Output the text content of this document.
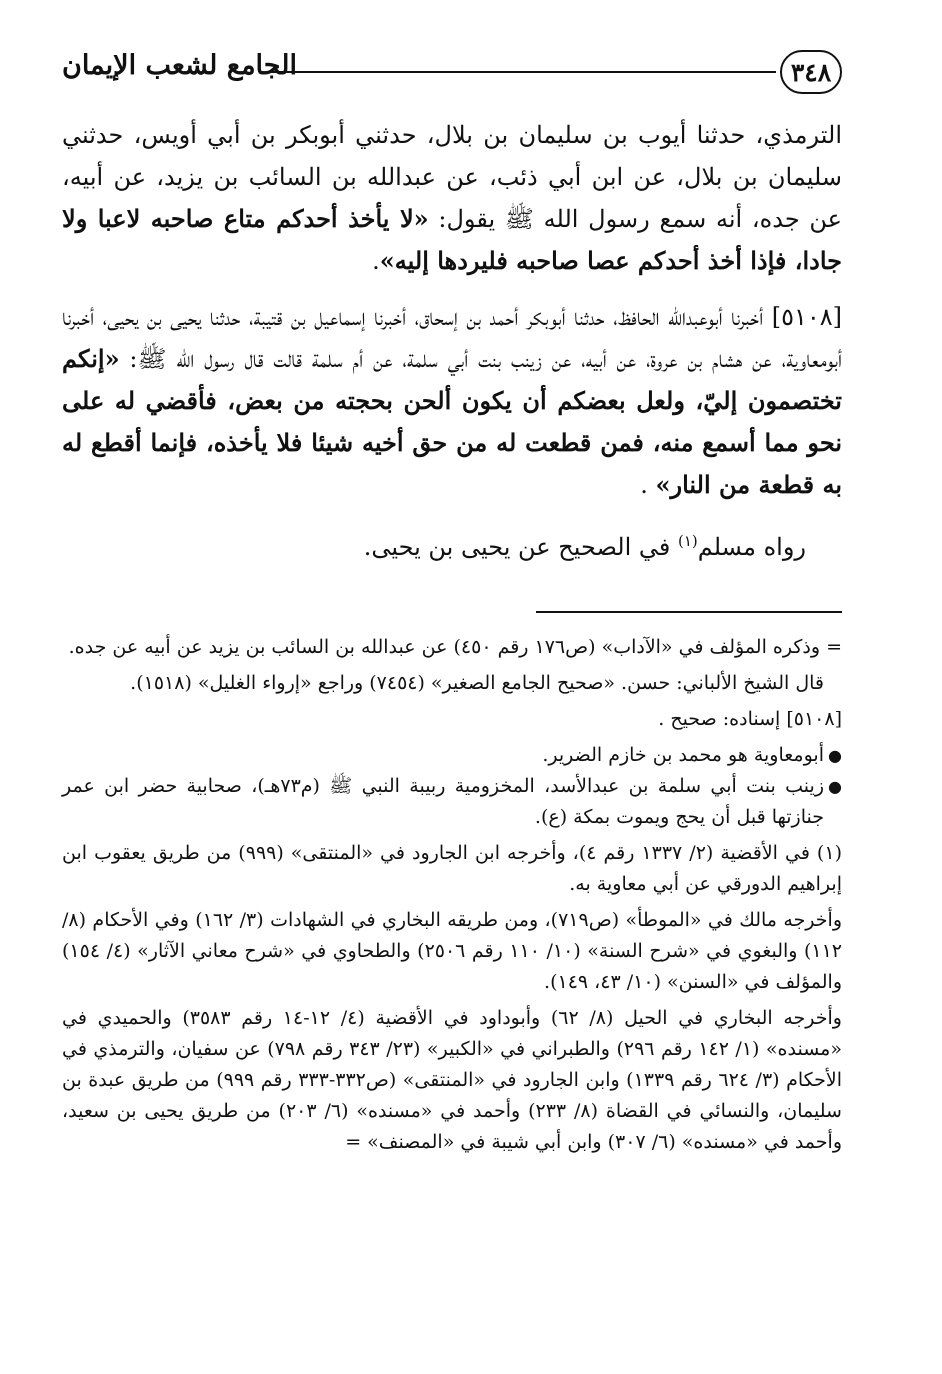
٣٤٨
الجامع لشعب الإيمان

الترمذي، حدثنا أيوب بن سليمان بن بلال، حدثني أبوبكر بن أبي أويس، حدثني سليمان بن بلال، عن ابن أبي ذئب، عن عبدالله بن السائب بن يزيد، عن أبيه، عن جده، أنه سمع رسول الله ﷺ يقول: «لا يأخذ أحدكم متاع صاحبه لاعبا ولا جادا، فإذا أخذ أحدكم عصا صاحبه فليردها إليه».

[٥١٠٨] أخبرنا أبوعبدالله الحافظ، حدثنا أبوبكر أحمد بن إسحاق، أخبرنا إسماعيل بن قتيبة، حدثنا يحيى بن يحيى، أخبرنا أبومعاوية، عن هشام بن عروة، عن أبيه، عن زينب بنت أبي سلمة، عن أم سلمة قالت قال رسول الله ﷺ: «إنكم تختصمون إليّ، ولعل بعضكم أن يكون ألحن بحجته من بعض، فأقضي له على نحو مما أسمع منه، فمن قطعت له من حق أخيه شيئا فلا يأخذه، فإنما أقطع له به قطعة من النار» .

رواه مسلم$^{(١)}$ في الصحيح عن يحيى بن يحيى.

= وذكره المؤلف في «الآداب» (ص١٧٦ رقم ٤٥٠) عن عبدالله بن السائب بن يزيد عن أبيه عن جده.

قال الشيخ الألباني: حسن. «صحيح الجامع الصغير» (٧٤٥٤) وراجع «إرواء الغليل» (١٥١٨).

[٥١٠٨] إسناده: صحيح .

●
أبومعاوية هو محمد بن خازم الضرير.
●
زينب بنت أبي سلمة بن عبدالأسد، المخزومية ربيبة النبي ﷺ (م٧٣هـ)، صحابية حضر ابن عمر جنازتها قبل أن يحج ويموت بمكة (ع).

(١) في الأقضية (٢/ ١٣٣٧ رقم ٤)، وأخرجه ابن الجارود في «المنتقى» (٩٩٩) من طريق يعقوب ابن إبراهيم الدورقي عن أبي معاوية به.

وأخرجه مالك في «الموطأ» (ص٧١٩)، ومن طريقه البخاري في الشهادات (٣/ ١٦٢) وفي الأحكام (٨/ ١١٢) والبغوي في «شرح السنة» (١٠/ ١١٠ رقم ٢٥٠٦) والطحاوي في «شرح معاني الآثار» (٤/ ١٥٤) والمؤلف في «السنن» (١٠/ ٤٣، ١٤٩).

وأخرجه البخاري في الحيل (٨/ ٦٢) وأبوداود في الأقضية (٤/ ١٢-١٤ رقم ٣٥٨٣) والحميدي في «مسنده» (١/ ١٤٢ رقم ٢٩٦) والطبراني في «الكبير» (٢٣/ ٣٤٣ رقم ٧٩٨) عن سفيان، والترمذي في الأحكام (٣/ ٦٢٤ رقم ١٣٣٩) وابن الجارود في «المنتقى» (ص٣٣٢-٣٣٣ رقم ٩٩٩) من طريق عبدة بن سليمان، والنسائي في القضاة (٨/ ٢٣٣) وأحمد في «مسنده» (٦/ ٢٠٣) من طريق يحيى بن سعيد، وأحمد في «مسنده» (٦/ ٣٠٧) وابن أبي شيبة في «المصنف» =
